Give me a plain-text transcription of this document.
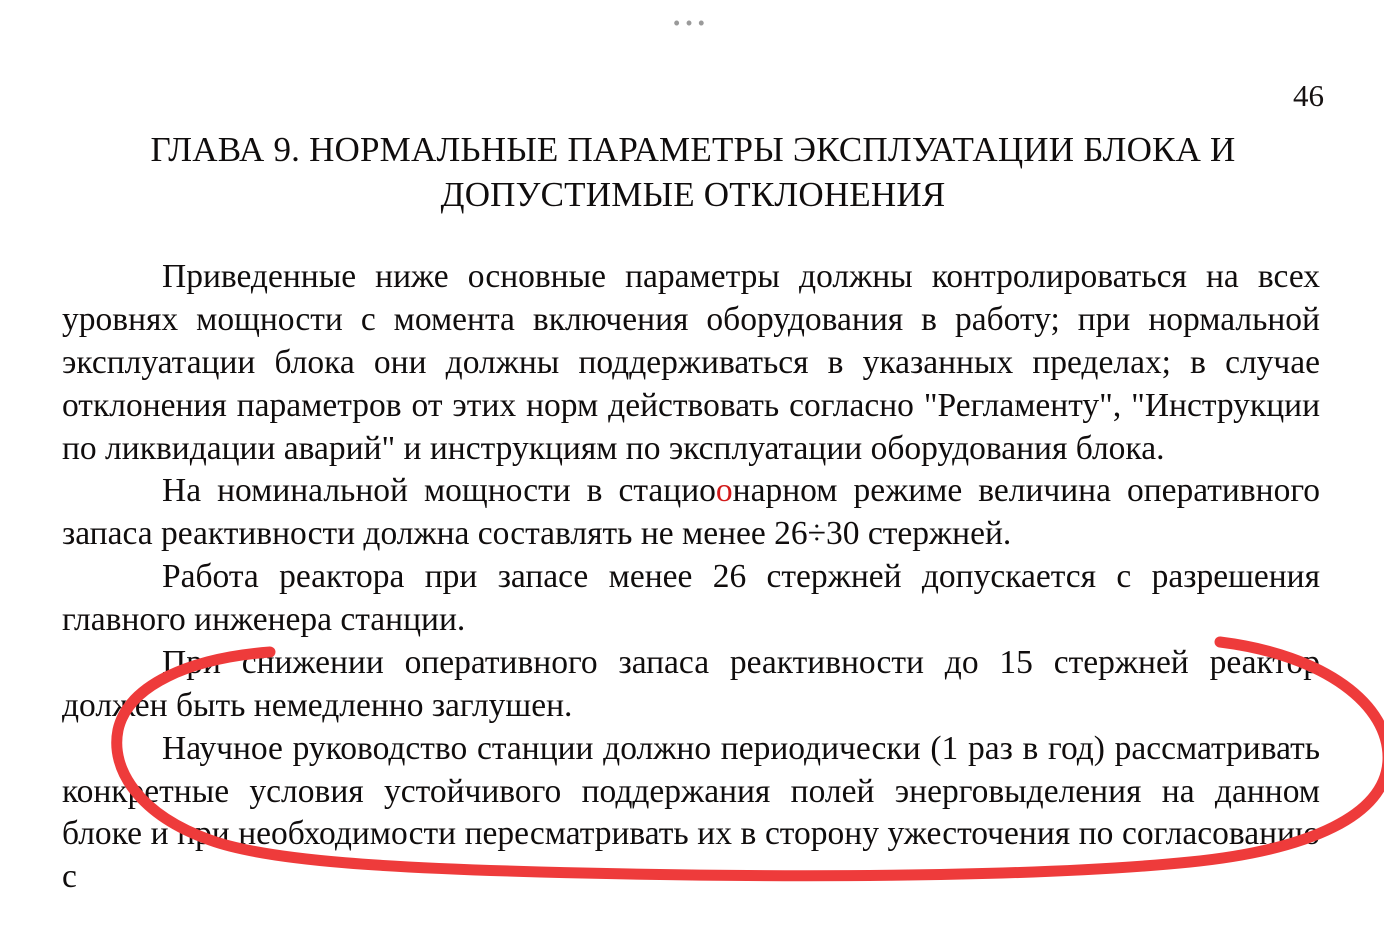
•••
46
ГЛАВА 9. НОРМАЛЬНЫЕ ПАРАМЕТРЫ ЭКСПЛУАТАЦИИ БЛОКА И ДОПУСТИМЫЕ ОТКЛОНЕНИЯ

Приведенные ниже основные параметры должны контролироваться на всех уровнях мощности с момента включения оборудования в работу; при нормальной эксплуатации блока они должны поддерживаться в указанных пределах; в случае отклонения параметров от этих норм действовать согласно "Регламенту", "Инструкции по ликвидации аварий" и инструкциям по эксплуатации оборудования блока.

На номинальной мощности в стациоонарном режиме величина оперативного запаса реактивности должна составлять не менее 26÷30 стержней.

Работа реактора при запасе менее 26 стержней допускается с разрешения главного инженера станции.

При снижении оперативного запаса реактивности до 15 стержней реактор должен быть немедленно заглушен.

Научное руководство станции должно периодически (1 раз в год) рассматривать конкретные условия устойчивого поддержания полей энерговыделения на данном блоке и при необходимости пересматривать их в сторону ужесточения по согласованию с
